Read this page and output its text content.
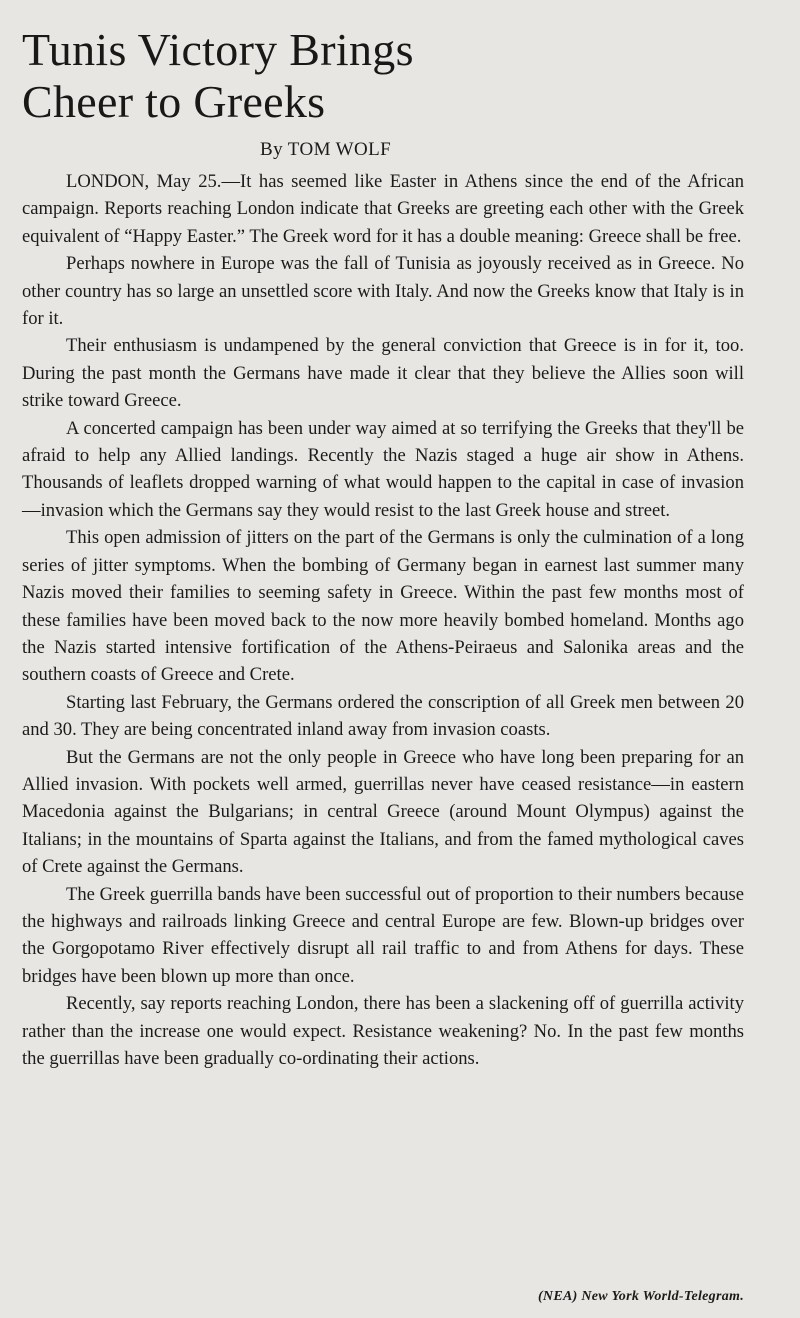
Tunis Victory Brings
Cheer to Greeks
By TOM WOLF

LONDON, May 25.—It has seemed like Easter in Athens since the end of the African campaign. Reports reaching London indicate that Greeks are greeting each other with the Greek equivalent of “Happy Easter.” The Greek word for it has a double meaning: Greece shall be free.

Perhaps nowhere in Europe was the fall of Tunisia as joyously received as in Greece. No other country has so large an unsettled score with Italy. And now the Greeks know that Italy is in for it.

Their enthusiasm is undampened by the general conviction that Greece is in for it, too. During the past month the Germans have made it clear that they believe the Allies soon will strike toward Greece.

A concerted campaign has been under way aimed at so terrifying the Greeks that they'll be afraid to help any Allied landings. Recently the Nazis staged a huge air show in Athens. Thousands of leaflets dropped warning of what would happen to the capital in case of invasion—invasion which the Germans say they would resist to the last Greek house and street.

This open admission of jitters on the part of the Germans is only the culmination of a long series of jitter symptoms. When the bombing of Germany began in earnest last summer many Nazis moved their families to seeming safety in Greece. Within the past few months most of these families have been moved back to the now more heavily bombed homeland. Months ago the Nazis started intensive fortification of the Athens-Peiraeus and Salonika areas and the southern coasts of Greece and Crete.

Starting last February, the Germans ordered the conscription of all Greek men between 20 and 30. They are being concentrated inland away from invasion coasts.

But the Germans are not the only people in Greece who have long been preparing for an Allied invasion. With pockets well armed, guerrillas never have ceased resistance—in eastern Macedonia against the Bulgarians; in central Greece (around Mount Olympus) against the Italians; in the mountains of Sparta against the Italians, and from the famed mythological caves of Crete against the Germans.

The Greek guerrilla bands have been successful out of proportion to their numbers because the highways and railroads linking Greece and central Europe are few. Blown-up bridges over the Gorgopotamo River effectively disrupt all rail traffic to and from Athens for days. These bridges have been blown up more than once.

Recently, say reports reaching London, there has been a slackening off of guerrilla activity rather than the increase one would expect. Resistance weakening? No. In the past few months the guerrillas have been gradually co-ordinating their actions.

(NEA) New York World-Telegram.
